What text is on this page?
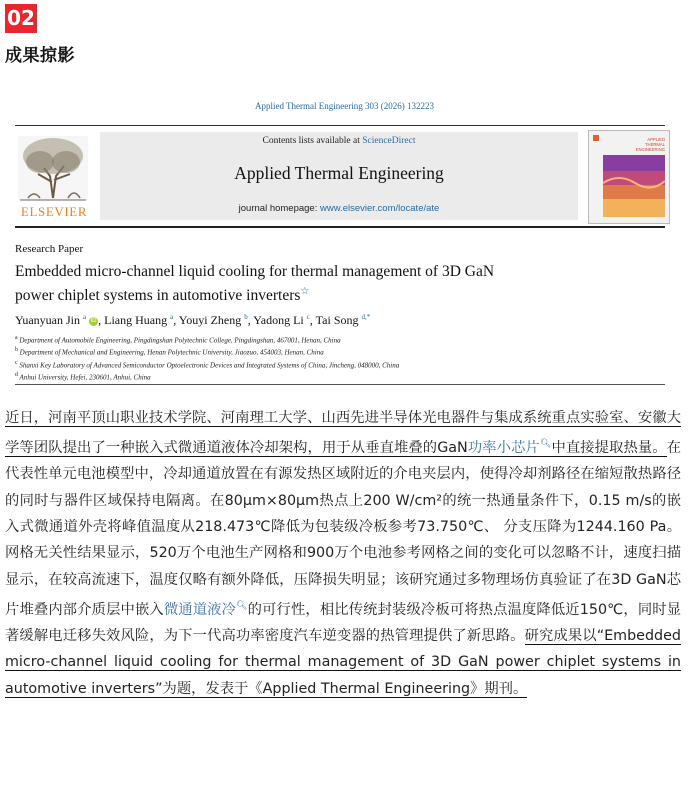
02
成果掠影
Applied Thermal Engineering 303 (2026) 132223
ELSEVIER
Contents lists available at ScienceDirect
Applied Thermal Engineering
journal homepage: www.elsevier.com/locate/ate
APPLIED
THERMAL
ENGINEERING
Research Paper
Embedded micro-channel liquid cooling for thermal management of 3D GaN
power chiplet systems in automotive inverters☆
Yuanyuan Jin $^a$ iD , Liang Huang $^a$, Youyi Zheng $^b$, Yadong Li $^c$, Tai Song $^{d,*}$
$^a$ Department of Automobile Engineering, Pingdingshan Polytechnic College, Pingdingshan, 467001, Henan, China
$^b$ Department of Mechanical and Engineering, Henan Polytechnic University, Jiaozuo, 454003, Henan, China
$^c$ Shanxi Key Laboratory of Advanced Semiconductor Optoelectronic Devices and Integrated Systems of China, Jincheng, 048000, China
$^d$ Anhui University, Hefei, 230601, Anhui, China
近日，河南平顶山职业技术学院、河南理工大学、山西先进半导体光电器件与集成系统重点实验室、安徽大学等团队提出了一种嵌入式微通道液体冷却架构，用于从垂直堆叠的GaN功率小芯片🔍︎中直接提取热量。在代表性单元电池模型中，冷却通道放置在有源发热区域附近的介电夹层内，使得冷却剂路径在缩短散热路径的同时与器件区域保持电隔离。在80μm×80μm热点上200 W/cm²的统一热通量条件下，0.15 m/s的嵌入式微通道外壳将峰值温度从218.473℃降低为包装级冷板参考73.750℃、 分支压降为1244.160 Pa。网格无关性结果显示，520万个电池生产网格和900万个电池参考网格之间的变化可以忽略不计，速度扫描显示，在较高流速下，温度仅略有额外降低，压降损失明显；该研究通过多物理场仿真验证了在3D GaN芯片堆叠内部介质层中嵌入微通道液冷🔍︎的可行性，相比传统封装级冷板可将热点温度降低近150℃，同时显著缓解电迁移失效风险，为下一代高功率密度汽车逆变器的热管理提供了新思路。研究成果以“Embedded micro-channel liquid cooling for thermal management of 3D GaN power chiplet systems in automotive inverters”为题，发表于《Applied Thermal Engineering》期刊。
